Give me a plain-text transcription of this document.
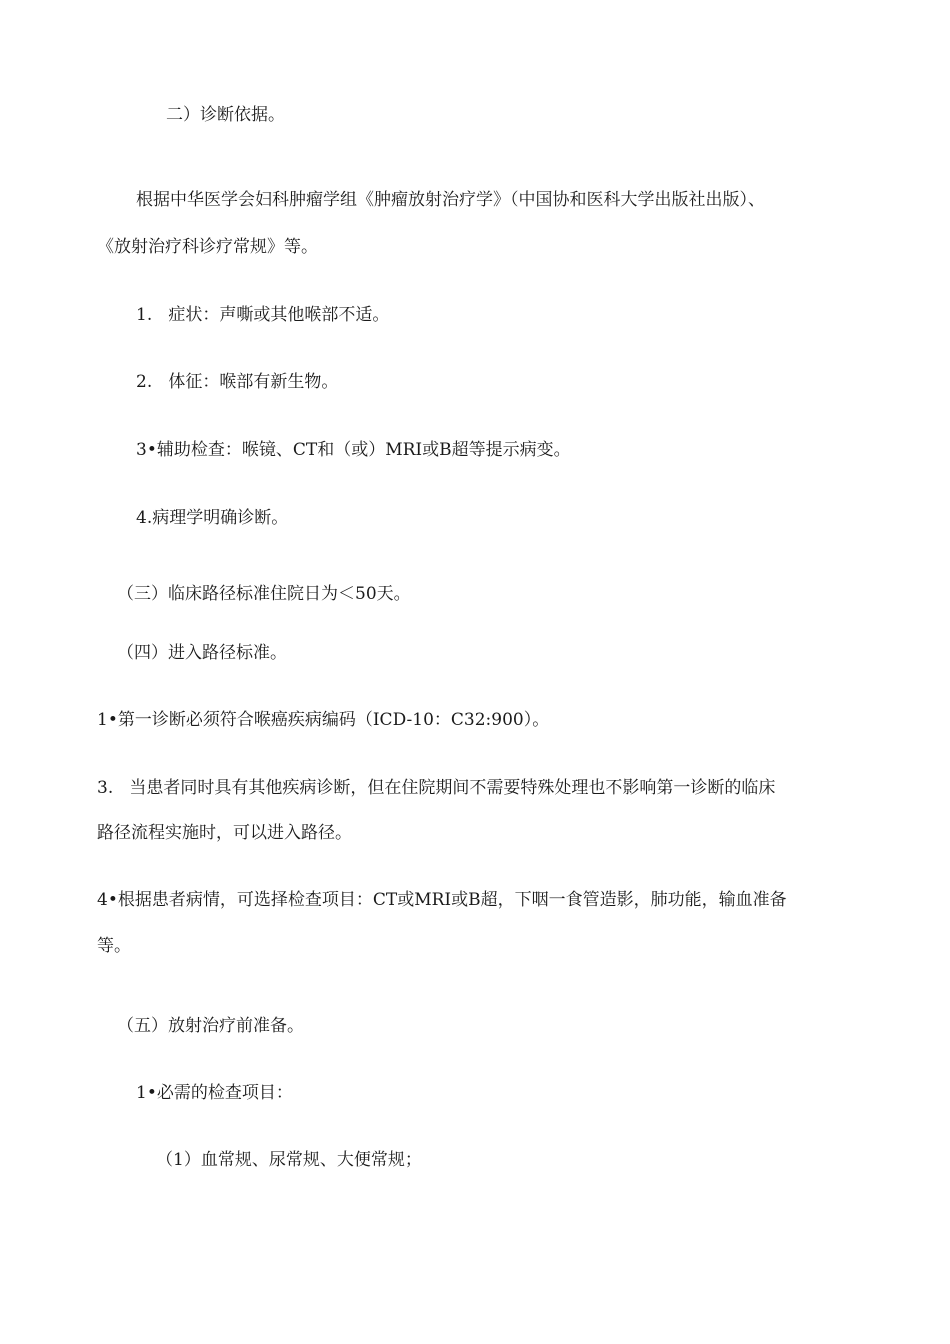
二）诊断依据。
根据中华医学会妇科肿瘤学组《肿瘤放射治疗学》（中国协和医科大学出版社出版）、
《放射治疗科诊疗常规》等。
1.   症状：声嘶或其他喉部不适。
2.   体征：喉部有新生物。
3•辅助检查：喉镜、CT和（或）MRI或B超等提示病变。
4.病理学明确诊断。
（三）临床路径标准住院日为＜50天。
（四）进入路径标准。
1•第一诊断必须符合喉癌疾病编码（ICD-10：C32:900）。
3.   当患者同时具有其他疾病诊断，但在住院期间不需要特殊处理也不影响第一诊断的临床
路径流程实施时，可以进入路径。
4•根据患者病情，可选择检查项目：CT或MRI或B超，下咽一食管造影，肺功能，输血准备
等。
（五）放射治疗前准备。
1•必需的检查项目：
（1）血常规、尿常规、大便常规；
